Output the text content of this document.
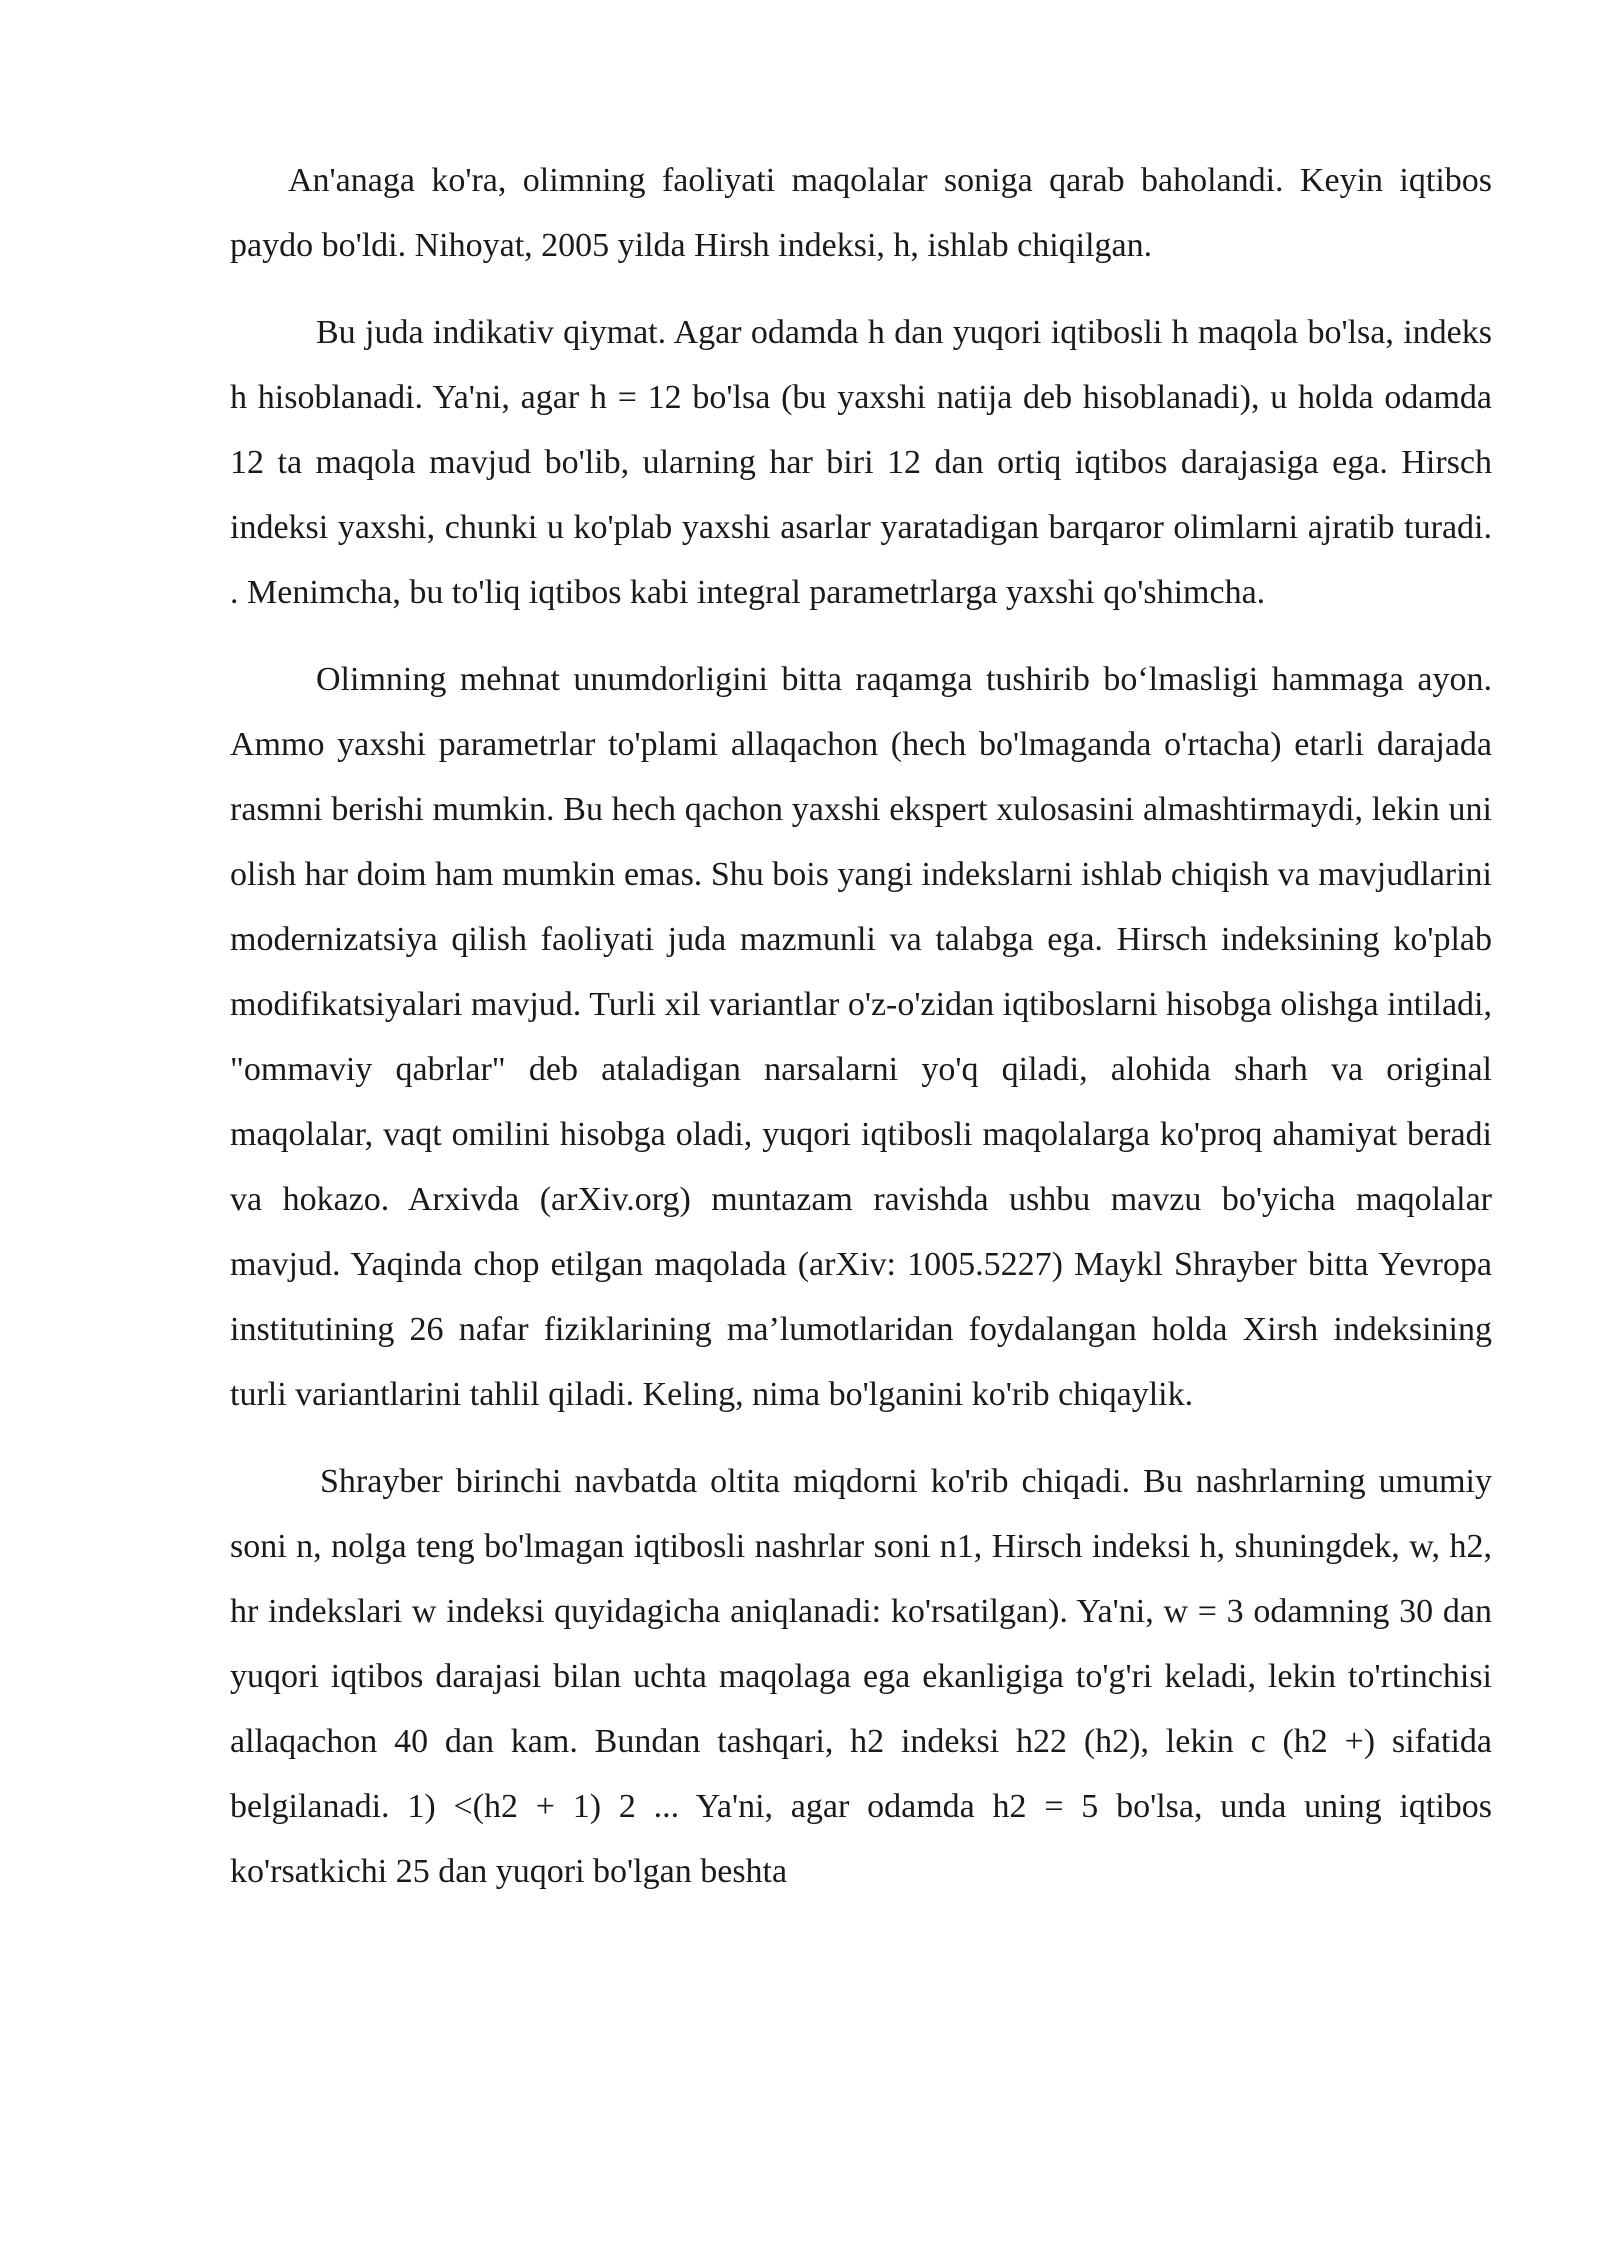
An'anaga ko'ra, olimning faoliyati maqolalar soniga qarab baholandi. Keyin iqtibos paydo bo'ldi. Nihoyat, 2005 yilda Hirsh indeksi, h, ishlab chiqilgan.

Bu juda indikativ qiymat. Agar odamda h dan yuqori iqtibosli h maqola bo'lsa, indeks h hisoblanadi. Ya'ni, agar h = 12 bo'lsa (bu yaxshi natija deb hisoblanadi), u holda odamda 12 ta maqola mavjud bo'lib, ularning har biri 12 dan ortiq iqtibos darajasiga ega. Hirsch indeksi yaxshi, chunki u ko'plab yaxshi asarlar yaratadigan barqaror olimlarni ajratib turadi. . Menimcha, bu to'liq iqtibos kabi integral parametrlarga yaxshi qo'shimcha.

Olimning mehnat unumdorligini bitta raqamga tushirib bo‘lmasligi hammaga ayon. Ammo yaxshi parametrlar to'plami allaqachon (hech bo'lmaganda o'rtacha) etarli darajada rasmni berishi mumkin. Bu hech qachon yaxshi ekspert xulosasini almashtirmaydi, lekin uni olish har doim ham mumkin emas. Shu bois yangi indekslarni ishlab chiqish va mavjudlarini modernizatsiya qilish faoliyati juda mazmunli va talabga ega. Hirsch indeksining ko'plab modifikatsiyalari mavjud. Turli xil variantlar o'z-o'zidan iqtiboslarni hisobga olishga intiladi, "ommaviy qabrlar" deb ataladigan narsalarni yo'q qiladi, alohida sharh va original maqolalar, vaqt omilini hisobga oladi, yuqori iqtibosli maqolalarga ko'proq ahamiyat beradi va hokazo. Arxivda (arXiv.org) muntazam ravishda ushbu mavzu bo'yicha maqolalar mavjud. Yaqinda chop etilgan maqolada (arXiv: 1005.5227) Maykl Shrayber bitta Yevropa institutining 26 nafar fiziklarining ma’lumotlaridan foydalangan holda Xirsh indeksining turli variantlarini tahlil qiladi. Keling, nima bo'lganini ko'rib chiqaylik.

Shrayber birinchi navbatda oltita miqdorni ko'rib chiqadi. Bu nashrlarning umumiy soni n, nolga teng bo'lmagan iqtibosli nashrlar soni n1, Hirsch indeksi h, shuningdek, w, h2, hr indekslari w indeksi quyidagicha aniqlanadi: ko'rsatilgan). Ya'ni, w = 3 odamning 30 dan yuqori iqtibos darajasi bilan uchta maqolaga ega ekanligiga to'g'ri keladi, lekin to'rtinchisi allaqachon 40 dan kam. Bundan tashqari, h2 indeksi h22 (h2), lekin c (h2 +) sifatida belgilanadi. 1) <(h2 + 1) 2 ... Ya'ni, agar odamda h2 = 5 bo'lsa, unda uning iqtibos ko'rsatkichi 25 dan yuqori bo'lgan beshta
